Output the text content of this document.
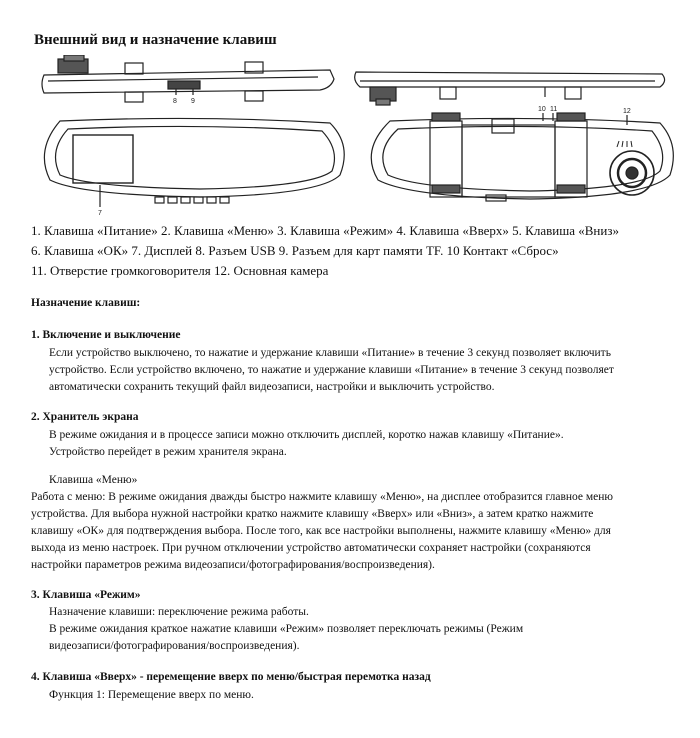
Внешний вид и назначение клавиш
8 9
7
10 11	12
1. Клавиша «Питание» 2. Клавиша «Меню» 3. Клавиша «Режим» 4. Клавиша «Вверх» 5. Клавиша «Вниз»
6. Клавиша «ОК» 7. Дисплей 8. Разъем USB 9. Разъем для карт памяти TF. 10 Контакт «Сброс»
11. Отверстие громкоговорителя 12. Основная камера
Назначение клавиш:
1. Включение и выключение
Если устройство выключено, то нажатие и удержание клавиши «Питание» в течение 3 секунд позволяет включить
устройство. Если устройство включено, то нажатие и удержание клавиши «Питание» в течение 3 секунд позволяет
автоматически сохранить текущий файл видеозаписи, настройки и выключить устройство.
2. Хранитель экрана
В режиме ожидания и в процессе записи можно отключить дисплей, коротко нажав клавишу «Питание».
Устройство перейдет в режим хранителя экрана.
Клавиша «Меню»
Работа с меню: В режиме ожидания дважды быстро нажмите клавишу «Меню», на дисплее отобразится главное меню
устройства. Для выбора нужной настройки кратко нажмите клавишу «Вверх» или «Вниз», а затем кратко нажмите
клавишу «ОК» для подтверждения выбора. После того, как все настройки выполнены, нажмите клавишу «Меню» для
выхода из меню настроек. При ручном отключении устройство автоматически сохраняет настройки (сохраняются
настройки параметров режима видеозаписи/фотографирования/воспроизведения).
3. Клавиша «Режим»
Назначение клавиши: переключение режима работы.
В режиме ожидания краткое нажатие клавиши «Режим» позволяет переключать режимы (Режим
видеозаписи/фотографирования/воспроизведения).
4. Клавиша «Вверх» - перемещение вверх по меню/быстрая перемотка назад
Функция 1: Перемещение вверх по меню.
